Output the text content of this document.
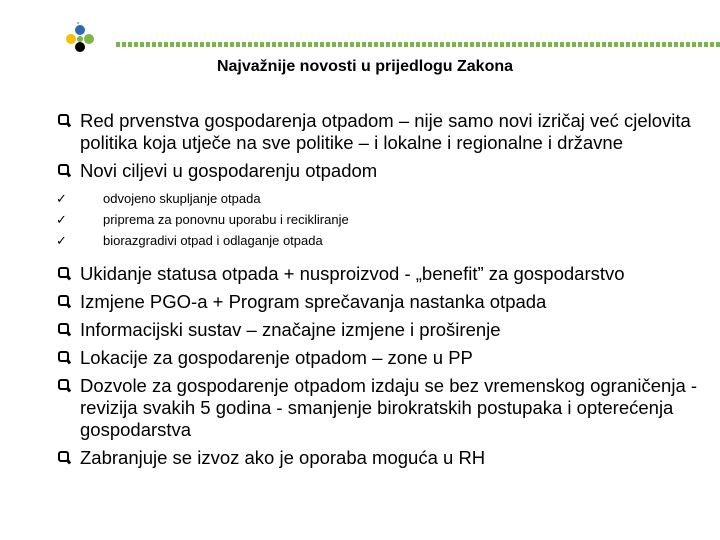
Najvažnije novosti u prijedlogu Zakona
Red prvenstva gospodarenja otpadom – nije samo novi izričaj već cjelovita politika koja utječe na sve politike – i lokalne i regionalne i državne
Novi ciljevi u gospodarenju otpadom
✓	odvojeno skupljanje otpada
✓	priprema za ponovnu uporabu i recikliranje
✓	biorazgradivi otpad i odlaganje otpada
Ukidanje statusa otpada + nusproizvod - „benefit” za gospodarstvo
Izmjene PGO-a + Program sprečavanja nastanka otpada
Informacijski sustav – značajne izmjene i proširenje
Lokacije za gospodarenje otpadom – zone u PP
Dozvole za gospodarenje otpadom izdaju se bez vremenskog ograničenja - revizija svakih 5 godina - smanjenje birokratskih postupaka i opterećenja gospodarstva
Zabranjuje se izvoz ako je oporaba moguća u RH
